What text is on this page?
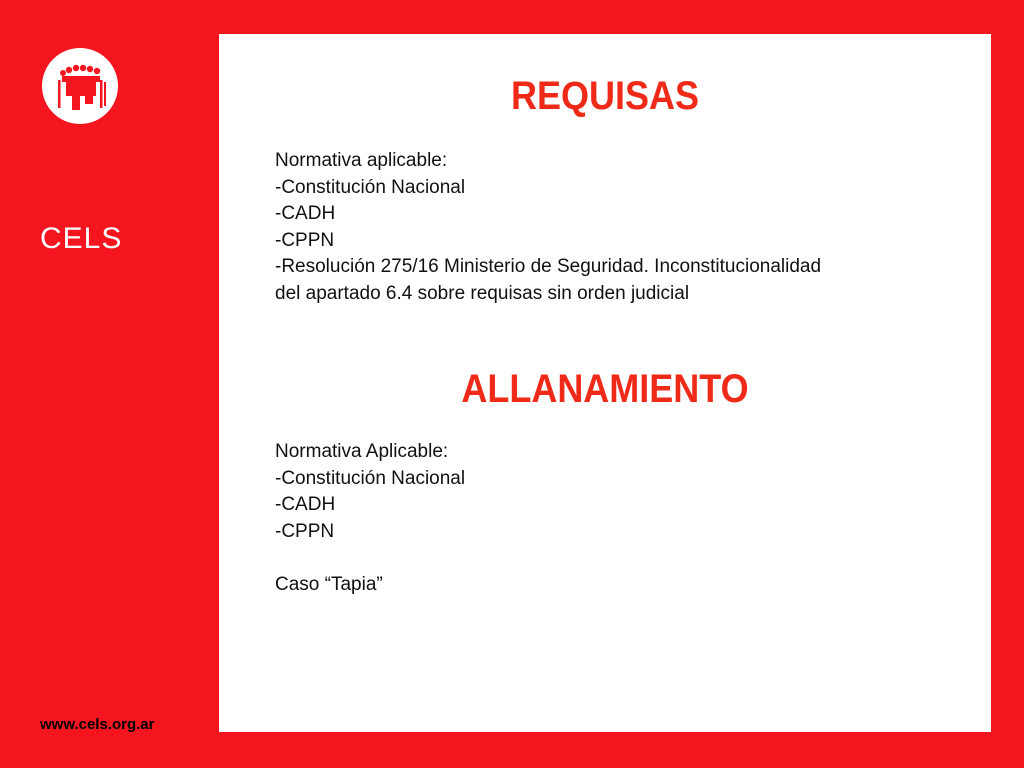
CELS
www.cels.org.ar
REQUISAS
Normativa aplicable:
-Constitución Nacional
-CADH
-CPPN
-Resolución 275/16 Ministerio de Seguridad. Inconstitucionalidad
del apartado 6.4 sobre requisas sin orden judicial
ALLANAMIENTO
Normativa Aplicable:
-Constitución Nacional
-CADH
-CPPN
Caso “Tapia”
